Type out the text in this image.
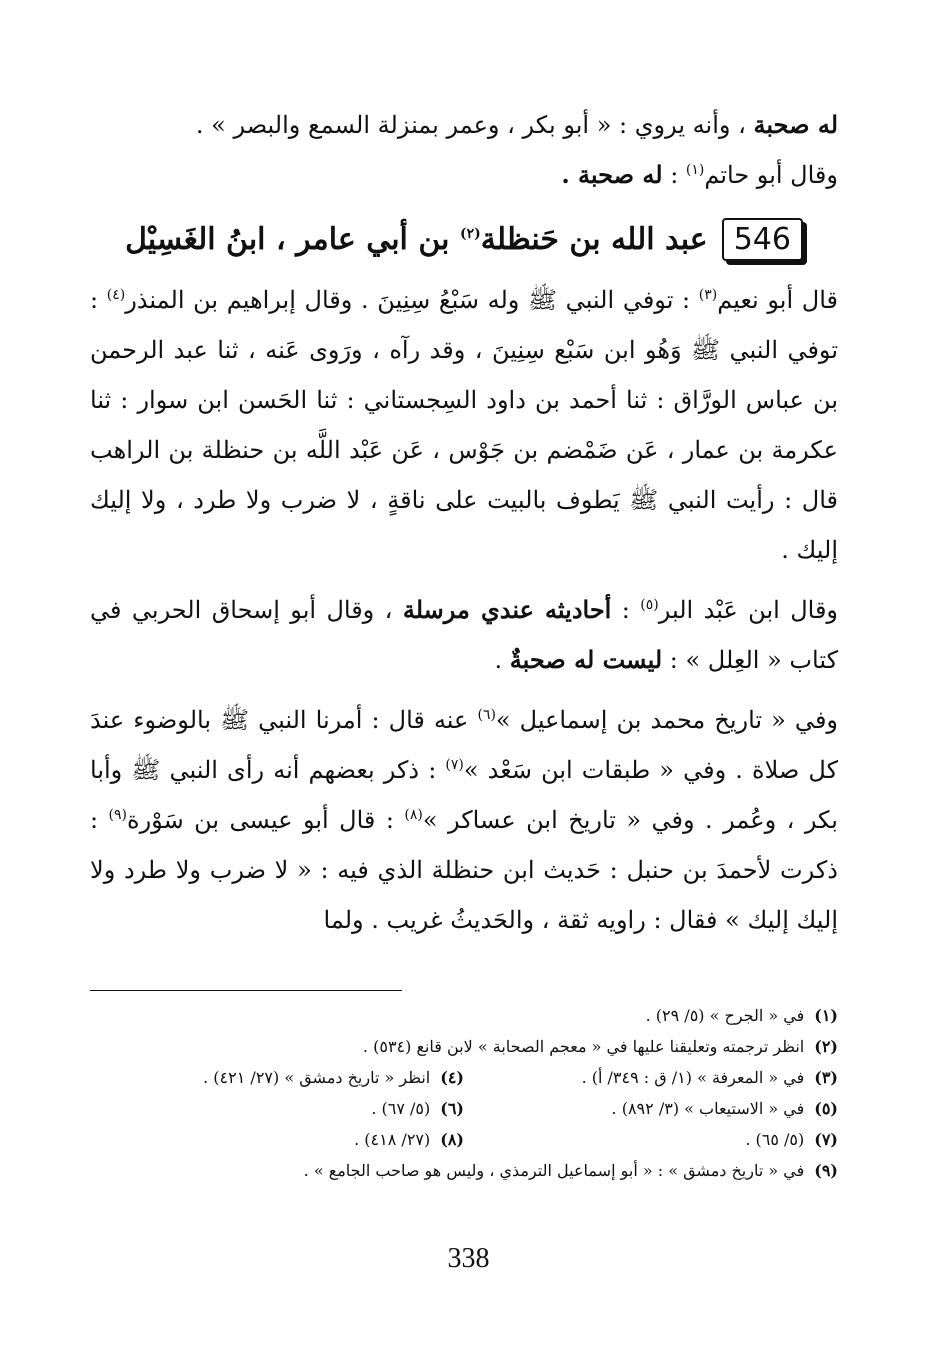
له صحبة ، وأنه يروي : « أبو بكر ، وعمر بمنزلة السمع والبصر » .
وقال أبو حاتم$^{(١)}$ : له صحبة .

546
عبد الله بن حَنظلة$^{(٢)}$ بن أبي عامر ، ابنُ الغَسِيْل

قال أبو نعيم$^{(٣)}$ : توفي النبي ﷺ وله سَبْعُ سِنِينَ . وقال إبراهيم بن المنذر$^{(٤)}$ : توفي النبي ﷺ وَهُو ابن سَبْع سِنِينَ ، وقد رآه ، ورَوى عَنه ، ثنا عبد الرحمن بن عباس الورَّاق : ثنا أحمد بن داود السِجستاني : ثنا الحَسن ابن سوار : ثنا عكرمة بن عمار ، عَن ضَمْضم بن جَوْس ، عَن عَبْد اللَّه بن حنظلة بن الراهب قال : رأيت النبي ﷺ يَطوف بالبيت على ناقةٍ ، لا ضرب ولا طرد ، ولا إليك إليك .

وقال ابن عَبْد البر$^{(٥)}$ : أحاديثه عندي مرسلة ، وقال أبو إسحاق الحربي في كتاب « العِلل » : ليست له صحبةٌ .

وفي « تاريخ محمد بن إسماعيل »$^{(٦)}$ عنه قال : أمرنا النبي ﷺ بالوضوء عندَ كل صلاة . وفي « طبقات ابن سَعْد »$^{(٧)}$ : ذكر بعضهم أنه رأى النبي ﷺ وأبا بكر ، وعُمر . وفي « تاريخ ابن عساكر »$^{(٨)}$ : قال أبو عيسى بن سَوْرة$^{(٩)}$ : ذكرت لأحمدَ بن حنبل : حَديث ابن حنظلة الذي فيه : « لا ضرب ولا طرد ولا إليك إليك » فقال : راويه ثقة ، والحَديثُ غريب . ولما

(١)في « الجرح » (٥/ ٢٩) .
(٢)انظر ترجمته وتعليقنا عليها في « معجم الصحابة » لابن قانع (٥٣٤) .
(٣)في « المعرفة » (١/ ق : ٣٤٩/ أ) .
(٤)انظر « تاريخ دمشق » (٢٧/ ٤٢١) .
(٥)في « الاستيعاب » (٣/ ٨٩٢) .
(٦)(٥/ ٦٧) .
(٧)(٥/ ٦٥) .
(٨)(٢٧/ ٤١٨) .
(٩)في « تاريخ دمشق » : « أبو إسماعيل الترمذي ، وليس هو صاحب الجامع » .
338
